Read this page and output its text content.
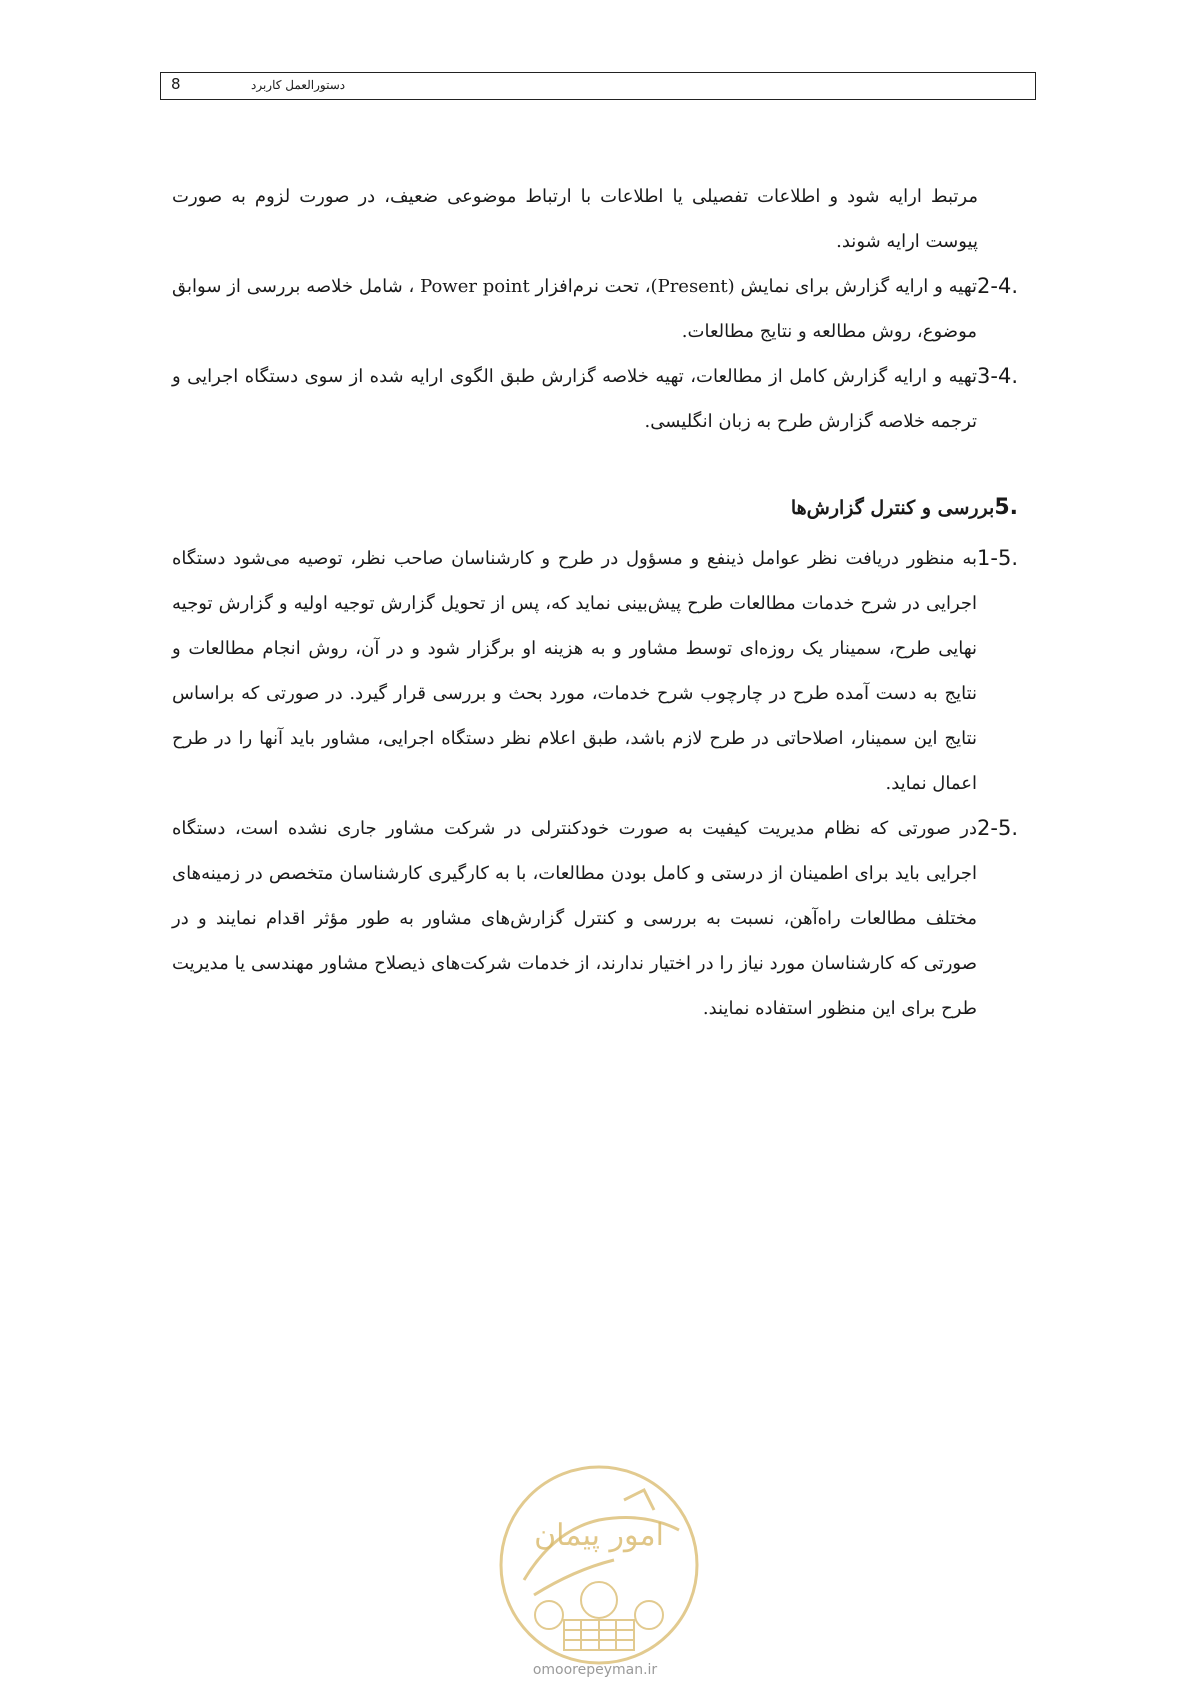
8	دستورالعمل کاربرد

مرتبط ارایه شود و اطلاعات تفصیلی یا اطلاعات با ارتباط موضوعی ضعیف، در صورت لزوم به صورت پیوست ارایه شوند.

2-4.

تهیه و ارایه گزارش برای نمایش (Present)، تحت نرم‌افزار Power point ، شامل خلاصه بررسی از سوابق موضوع، روش مطالعه و نتایج مطالعات.

3-4.

تهیه و ارایه گزارش کامل از مطالعات، تهیه خلاصه گزارش طبق الگوی ارایه شده از سوی دستگاه اجرایی و ترجمه خلاصه گزارش طرح به زبان انگلیسی.

5.
بررسی و کنترل گزارش‌ها
1-5.

به منظور دریافت نظر عوامل ذینفع و مسؤول در طرح و کارشناسان صاحب نظر، توصیه می‌شود دستگاه اجرایی در شرح خدمات مطالعات طرح پیش‌بینی نماید که، پس از تحویل گزارش توجیه اولیه و گزارش توجیه نهایی طرح، سمینار یک روزه‌ای توسط مشاور و به هزینه او برگزار شود و در آن، روش انجام مطالعات و نتایج به دست آمده طرح در چارچوب شرح خدمات، مورد بحث و بررسی قرار گیرد. در صورتی که براساس نتایج این سمینار، اصلاحاتی در طرح لازم باشد، طبق اعلام نظر دستگاه اجرایی، مشاور باید آنها را در طرح اعمال نماید.

2-5.

در صورتی که نظام مدیریت کیفیت به صورت خودکنترلی در شرکت مشاور جاری نشده است، دستگاه اجرایی باید برای اطمینان از درستی و کامل بودن مطالعات، با به کارگیری کارشناسان متخصص در زمینه‌های مختلف مطالعات راه‌آهن، نسبت به بررسی و کنترل گزارش‌های مشاور به طور مؤثر اقدام نمایند و در صورتی که کارشناسان مورد نیاز را در اختیار ندارند، از خدمات شرکت‌های ذیصلاح مشاور مهندسی یا مدیریت طرح برای این منظور استفاده نمایند.

امور پیمان
omoorepeyman.ir
